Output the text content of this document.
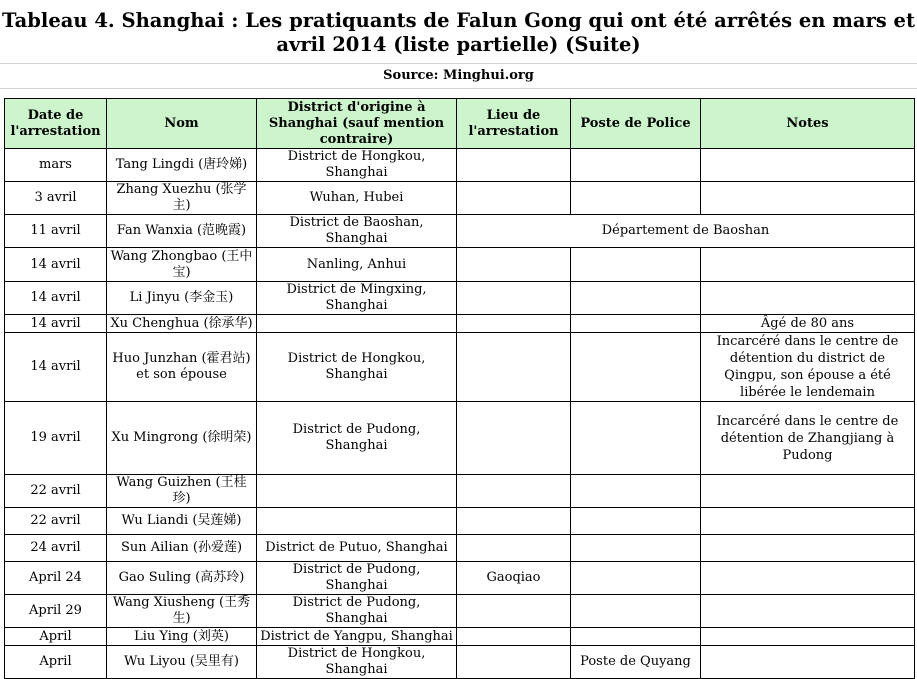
Tableau 4. Shanghai : Les pratiquants de Falun Gong qui ont été arrêtés en mars et avril 2014 (liste partielle) (Suite)
Source: Minghui.org
Date de l'arrestation	Nom	District d'origine à Shanghai (sauf mention contraire)	Lieu de l'arrestation	Poste de Police	Notes
mars	Tang Lingdi (唐玲娣)	District de Hongkou, Shanghai			
3 avril	Zhang Xuezhu (张学主)	Wuhan, Hubei			
11 avril	Fan Wanxia (范晚霞)	District de Baoshan, Shanghai	Département de Baoshan		
14 avril	Wang Zhongbao (王中宝)	Nanling, Anhui			
14 avril	Li Jinyu (李金玉)	District de Mingxing, Shanghai			
14 avril	Xu Chenghua (徐承华)				Âgé de 80 ans
14 avril	Huo Junzhan (霍君站) et son épouse	District de Hongkou, Shanghai			Incarcéré dans le centre de détention du district de Qingpu, son épouse a été libérée le lendemain
19 avril	Xu Mingrong (徐明荣)	District de Pudong, Shanghai			Incarcéré dans le centre de détention de Zhangjiang à Pudong
22 avril	Wang Guizhen (王桂珍)				
22 avril	Wu Liandi (吴莲娣)				
24 avril	Sun Ailian (孙爱莲)	District de Putuo, Shanghai			
April 24	Gao Suling (高苏玲)	District de Pudong, Shanghai	Gaoqiao		
April 29	Wang Xiusheng (王秀生)	District de Pudong, Shanghai			
April	Liu Ying (刘英)	District de Yangpu, Shanghai			
April	Wu Liyou (吴里有)	District de Hongkou, Shanghai		Poste de Quyang	
